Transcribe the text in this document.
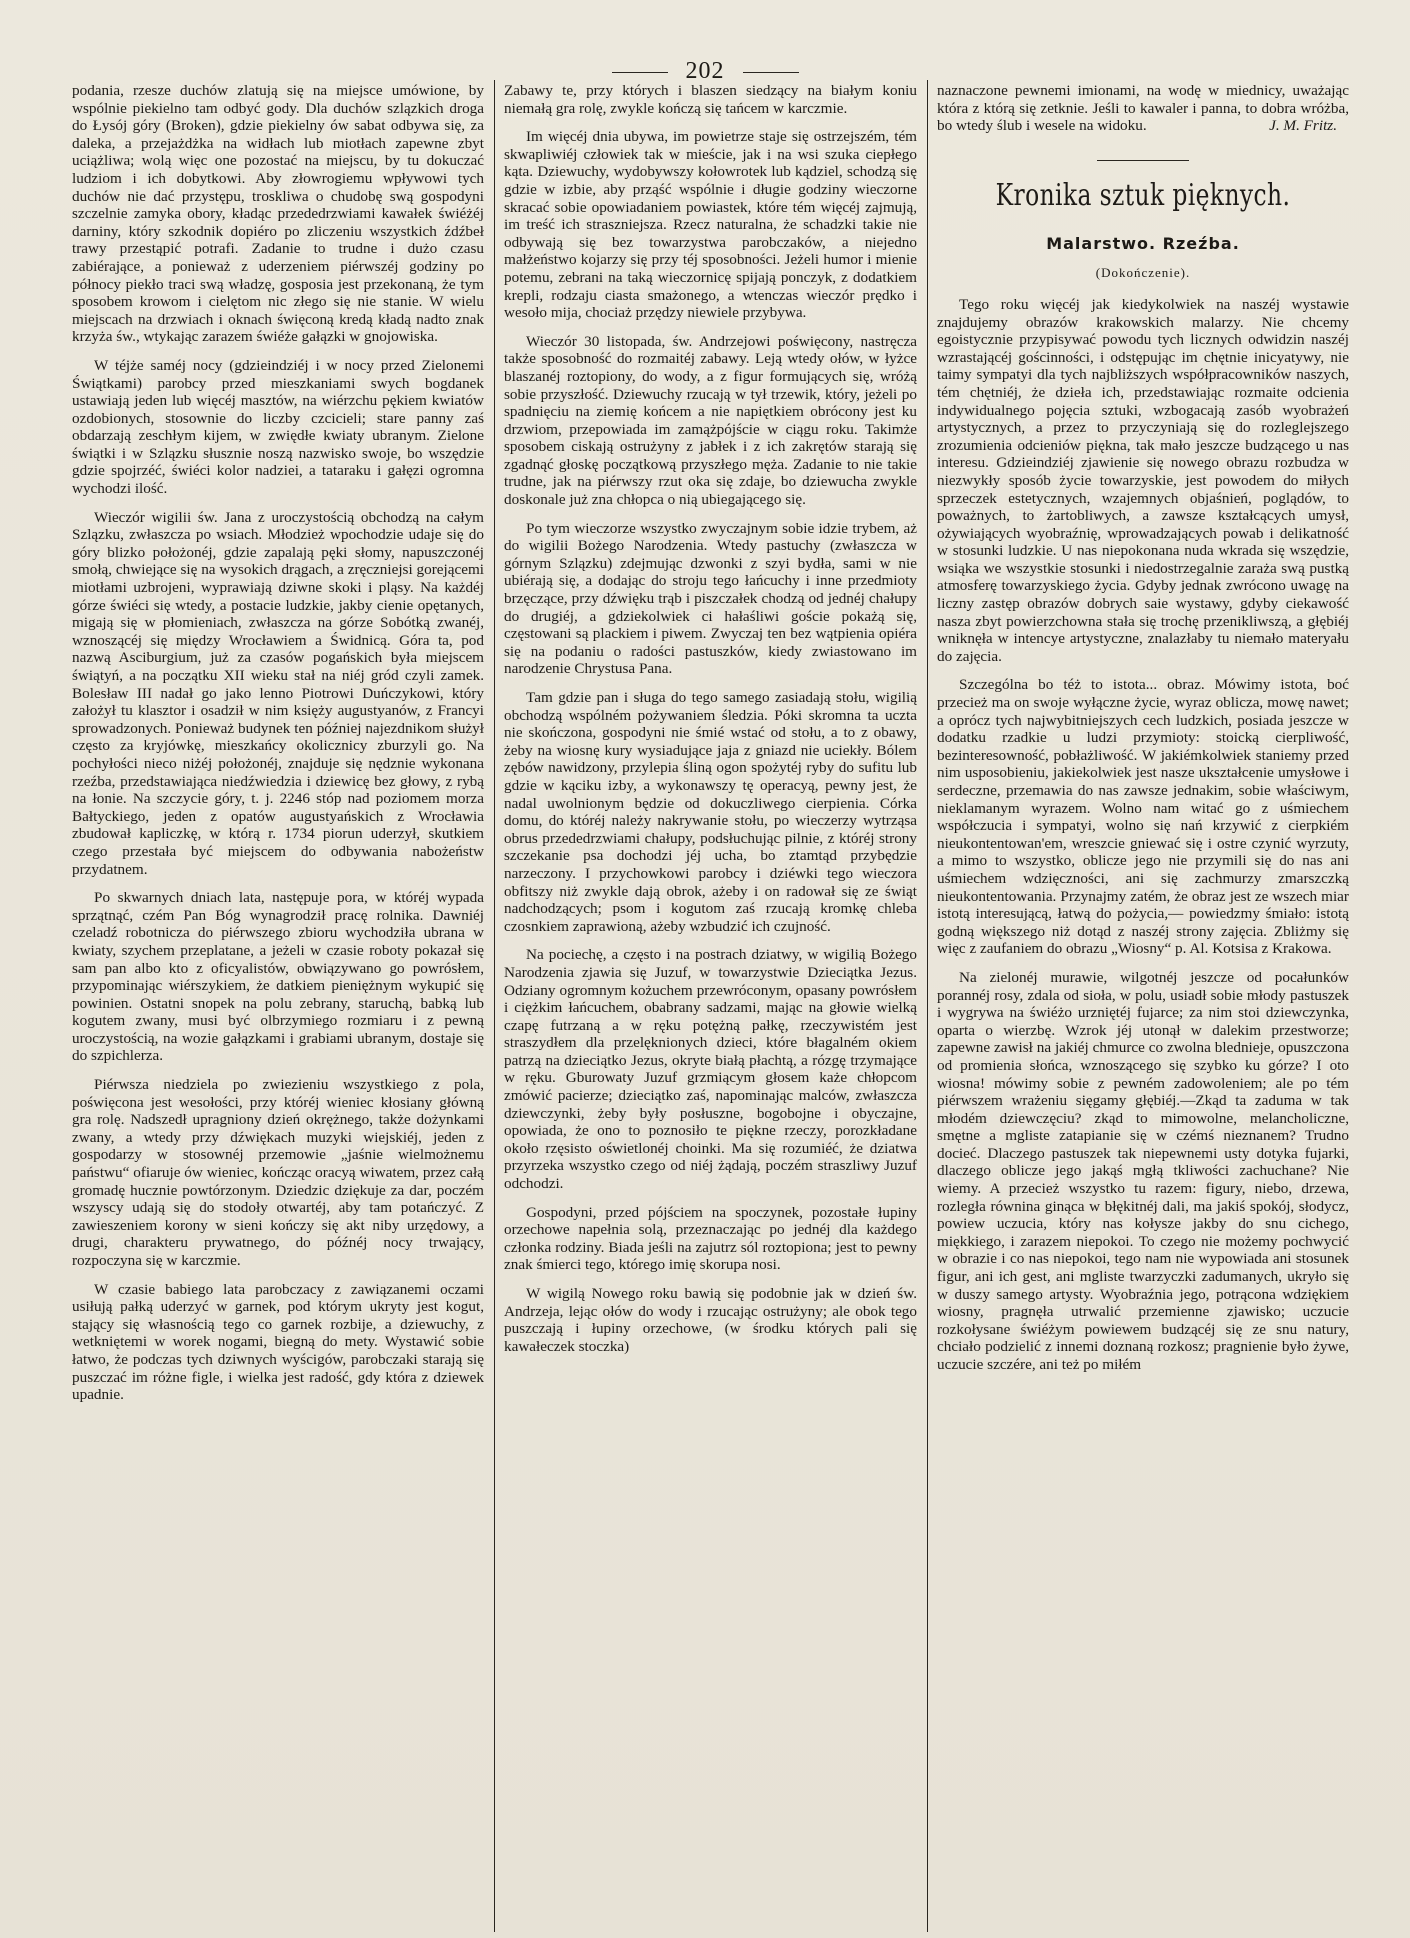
202

podania, rzesze duchów zlatują się na miejsce umówione, by wspólnie piekielno tam odbyć gody. Dla duchów szlązkich droga do Łysój góry (Broken), gdzie piekielny ów sabat odbywa się, za daleka, a przejażdżka na widłach lub miotłach zapewne zbyt uciążliwa; wolą więc one pozostać na miejscu, by tu dokuczać ludziom i ich dobytkowi. Aby złowrogiemu wpływowi tych duchów nie dać przystępu, troskliwa o chudobę swą gospodyni szczelnie zamyka obory, kładąc przededrzwiami kawałek świéżéj darniny, który szkodnik dopiéro po zliczeniu wszystkich źdźbeł trawy przestąpić potrafi. Zadanie to trudne i dużo czasu zabiérające, a ponieważ z uderzeniem piérwszéj godziny po północy piekło traci swą władzę, gosposia jest przekonaną, że tym sposobem krowom i cielętom nic złego się nie stanie. W wielu miejscach na drzwiach i oknach święconą kredą kładą nadto znak krzyża św., wtykając zarazem świéże gałązki w gnojowiska.

W téjże saméj nocy (gdzieindziéj i w nocy przed Zielonemi Świątkami) parobcy przed mieszkaniami swych bogdanek ustawiają jeden lub więcéj masztów, na wiérzchu pękiem kwiatów ozdobionych, stosownie do liczby czcicieli; stare panny zaś obdarzają zeschłym kijem, w zwiędłe kwiaty ubranym. Zielone świątki i w Szlązku słusznie noszą nazwisko swoje, bo wszędzie gdzie spojrzéć, świéci kolor nadziei, a tataraku i gałęzi ogromna wychodzi ilość.

Wieczór wigilii św. Jana z uroczystością obchodzą na całym Szlązku, zwłaszcza po wsiach. Młodzież wpochodzie udaje się do góry blizko położonéj, gdzie zapalają pęki słomy, napuszczonéj smołą, chwiejące się na wysokich drągach, a zręczniejsi gorejącemi miotłami uzbrojeni, wyprawiają dziwne skoki i pląsy. Na każdéj górze świéci się wtedy, a postacie ludzkie, jakby cienie opętanych, migają się w płomieniach, zwłaszcza na górze Sobótką zwanéj, wznoszącéj się między Wrocławiem a Świdnicą. Góra ta, pod nazwą Asciburgium, już za czasów pogańskich była miejscem świątyń, a na początku XII wieku stał na niéj gród czyli zamek. Bolesław III nadał go jako lenno Piotrowi Duńczykowi, który założył tu klasztor i osadził w nim księży augustyanów, z Francyi sprowadzonych. Ponieważ budynek ten później najezdnikom służył często za kryjówkę, mieszkańcy okolicznicy zburzyli go. Na pochyłości nieco niżéj położonéj, znajduje się nędznie wykonana rzeźba, przedstawiająca niedźwiedzia i dziewicę bez głowy, z rybą na łonie. Na szczycie góry, t. j. 2246 stóp nad poziomem morza Bałtyckiego, jeden z opatów augustyańskich z Wrocławia zbudował kapliczkę, w którą r. 1734 piorun uderzył, skutkiem czego przestała być miejscem do odbywania nabożeństw przydatnem.

Po skwarnych dniach lata, następuje pora, w któréj wypada sprzątnąć, czém Pan Bóg wynagrodził pracę rolnika. Dawniéj czeladź robotnicza do piérwszego zbioru wychodziła ubrana w kwiaty, szychem przeplatane, a jeżeli w czasie roboty pokazał się sam pan albo kto z oficyalistów, obwiązywano go powrósłem, przypominając wiérszykiem, że datkiem pieniężnym wykupić się powinien. Ostatni snopek na polu zebrany, staruchą, babką lub kogutem zwany, musi być olbrzymiego rozmiaru i z pewną uroczystością, na wozie gałązkami i grabiami ubranym, dostaje się do szpichlerza.

Piérwsza niedziela po zwiezieniu wszystkiego z pola, poświęcona jest wesołości, przy któréj wieniec kłosiany główną gra rolę. Nadszedł upragniony dzień okrężnego, także dożynkami zwany, a wtedy przy dźwiękach muzyki wiejskiéj, jeden z gospodarzy w stosownéj przemowie „jaśnie wielmożnemu państwu“ ofiaruje ów wieniec, kończąc oracyą wiwatem, przez całą gromadę hucznie powtórzonym. Dziedzic dziękuje za dar, poczém wszyscy udają się do stodoły otwartéj, aby tam potańczyć. Z zawieszeniem korony w sieni kończy się akt niby urzędowy, a drugi, charakteru prywatnego, do późnéj nocy trwający, rozpoczyna się w karczmie.

W czasie babiego lata parobczacy z zawiązanemi oczami usiłują pałką uderzyć w garnek, pod którym ukryty jest kogut, stający się własnością tego co garnek rozbije, a dziewuchy, z wetkniętemi w worek nogami, biegną do mety. Wystawić sobie łatwo, że podczas tych dziwnych wyścigów, parobczaki starają się puszczać im różne figle, i wielka jest radość, gdy która z dziewek upadnie.

Zabawy te, przy których i blaszen siedzący na białym koniu niemałą gra rolę, zwykle kończą się tańcem w karczmie.

Im więcéj dnia ubywa, im powietrze staje się ostrzejszém, tém skwapliwiéj człowiek tak w mieście, jak i na wsi szuka ciepłego kąta. Dziewuchy, wydobywszy kołowrotek lub kądziel, schodzą się gdzie w izbie, aby prząść wspólnie i długie godziny wieczorne skracać sobie opowiadaniem powiastek, które tém więcéj zajmują, im treść ich straszniejsza. Rzecz naturalna, że schadzki takie nie odbywają się bez towarzystwa parobczaków, a niejedno małżeństwo kojarzy się przy téj sposobności. Jeżeli humor i mienie potemu, zebrani na taką wieczornicę spijają ponczyk, z dodatkiem krepli, rodzaju ciasta smażonego, a wtenczas wieczór prędko i wesoło mija, chociaż przędzy niewiele przybywa.

Wieczór 30 listopada, św. Andrzejowi poświęcony, nastręcza także sposobność do rozmaitéj zabawy. Leją wtedy ołów, w łyżce blaszanéj roztopiony, do wody, a z figur formujących się, wróżą sobie przyszłość. Dziewuchy rzucają w tył trzewik, który, jeżeli po spadnięciu na ziemię końcem a nie napiętkiem obrócony jest ku drzwiom, przepowiada im zamążpójście w ciągu roku. Takimże sposobem ciskają ostrużyny z jabłek i z ich zakrętów starają się zgadnąć głoskę początkową przyszłego męża. Zadanie to nie takie trudne, jak na piérwszy rzut oka się zdaje, bo dziewucha zwykle doskonale już zna chłopca o nią ubiegającego się.

Po tym wieczorze wszystko zwyczajnym sobie idzie trybem, aż do wigilii Bożego Narodzenia. Wtedy pastuchy (zwłaszcza w górnym Szlązku) zdejmując dzwonki z szyi bydła, sami w nie ubiérają się, a dodając do stroju tego łańcuchy i inne przedmioty brzęczące, przy dźwięku trąb i piszczałek chodzą od jednéj chałupy do drugiéj, a gdziekolwiek ci hałaśliwi goście pokażą się, częstowani są plackiem i piwem. Zwyczaj ten bez wątpienia opiéra się na podaniu o radości pastuszków, kiedy zwiastowano im narodzenie Chrystusa Pana.

Tam gdzie pan i sługa do tego samego zasiadają stołu, wigilią obchodzą wspólném pożywaniem śledzia. Póki skromna ta uczta nie skończona, gospodyni nie śmié wstać od stołu, a to z obawy, żeby na wiosnę kury wysiadujące jaja z gniazd nie uciekły. Bólem zębów nawidzony, przylepia śliną ogon spożytéj ryby do sufitu lub gdzie w kąciku izby, a wykonawszy tę operacyą, pewny jest, że nadal uwolnionym będzie od dokuczliwego cierpienia. Córka domu, do któréj należy nakrywanie stołu, po wieczerzy wytrząsa obrus przededrzwiami chałupy, podsłuchując pilnie, z któréj strony szczekanie psa dochodzi jéj ucha, bo ztamtąd przybędzie narzeczony. I przychowkowi parobcy i dziéwki tego wieczora obfitszy niż zwykle dają obrok, ażeby i on radował się ze świąt nadchodzących; psom i kogutom zaś rzucają kromkę chleba czosnkiem zaprawioną, ażeby wzbudzić ich czujność.

Na pociechę, a często i na postrach dziatwy, w wigilią Bożego Narodzenia zjawia się Juzuf, w towarzystwie Dzieciątka Jezus. Odziany ogromnym kożuchem przewróconym, opasany powrósłem i ciężkim łańcuchem, obabrany sadzami, mając na głowie wielką czapę futrzaną a w ręku potężną pałkę, rzeczywistém jest straszydłem dla przelęknionych dzieci, które błagalném okiem patrzą na dzieciątko Jezus, okryte białą płachtą, a rózgę trzymające w ręku. Gburowaty Juzuf grzmiącym głosem każe chłopcom zmówić pacierze; dzieciątko zaś, napominając malców, zwłaszcza dziewczynki, żeby były posłuszne, bogobojne i obyczajne, opowiada, że ono to poznosiło te piękne rzeczy, porozkładane około rzęsisto oświetlonéj choinki. Ma się rozumiéć, że dziatwa przyrzeka wszystko czego od niéj żądają, poczém straszliwy Juzuf odchodzi.

Gospodyni, przed pójściem na spoczynek, pozostałe łupiny orzechowe napełnia solą, przeznaczając po jednéj dla każdego członka rodziny. Biada jeśli na zajutrz sól roztopiona; jest to pewny znak śmierci tego, którego imię skorupa nosi.

W wigilą Nowego roku bawią się podobnie jak w dzień św. Andrzeja, lejąc ołów do wody i rzucając ostrużyny; ale obok tego puszczają i łupiny orzechowe, (w środku których pali się kawałeczek stoczka)

naznaczone pewnemi imionami, na wodę w miednicy, uważając która z którą się zetknie. Jeśli to kawaler i panna, to dobra wróżba, bo wtedy ślub i wesele na widoku.	J. M. Fritz.

Kronika sztuk pięknych.
Malarstwo. Rzeźba.
(Dokończenie).

Tego roku więcéj jak kiedykolwiek na naszéj wystawie znajdujemy obrazów krakowskich malarzy. Nie chcemy egoistycznie przypisywać powodu tych licznych odwidzin naszéj wzrastającéj gościnności, i odstępując im chętnie inicyatywy, nie taimy sympatyi dla tych najbliższych współpracowników naszych, tém chętniéj, że dzieła ich, przedstawiając rozmaite odcienia indywidualnego pojęcia sztuki, wzbogacają zasób wyobrażeń artystycznych, a przez to przyczyniają się do rozleglejszego zrozumienia odcieniów piękna, tak mało jeszcze budzącego u nas interesu. Gdzieindziéj zjawienie się nowego obrazu rozbudza w niezwykły sposób życie towarzyskie, jest powodem do miłych sprzeczek estetycznych, wzajemnych objaśnień, poglądów, to poważnych, to żartobliwych, a zawsze kształcących umysł, ożywiających wyobraźnię, wprowadzających powab i delikatność w stosunki ludzkie. U nas niepokonana nuda wkrada się wszędzie, wsiąka we wszystkie stosunki i niedostrzegalnie zaraża swą pustką atmosferę towarzyskiego życia. Gdyby jednak zwrócono uwagę na liczny zastęp obrazów dobrych saie wystawy, gdyby ciekawość nasza zbyt powierzchowna stała się trochę przenikliwszą, a głębiéj wniknęła w intencye artystyczne, znalazłaby tu niemało materyału do zajęcia.

Szczególna bo téż to istota... obraz. Mówimy istota, boć przecież ma on swoje wyłączne życie, wyraz oblicza, mowę nawet; a oprócz tych najwybitniejszych cech ludzkich, posiada jeszcze w dodatku rzadkie u ludzi przymioty: stoicką cierpliwość, bezinteresowność, pobłażliwość. W jakiémkolwiek staniemy przed nim usposobieniu, jakiekolwiek jest nasze ukształcenie umysłowe i serdeczne, przemawia do nas zawsze jednakim, sobie właściwym, nieklamanym wyrazem. Wolno nam witać go z uśmiechem współczucia i sympatyi, wolno się nań krzywić z cierpkiém nieukontentowan'em, wreszcie gniewać się i ostre czynić wyrzuty, a mimo to wszystko, oblicze jego nie przymili się do nas ani uśmiechem wdzięczności, ani się zachmurzy zmarszczką nieukontentowania. Przynajmy zatém, że obraz jest ze wszech miar istotą interesującą, łatwą do pożycia,— powiedzmy śmiało: istotą godną większego niż dotąd z naszéj strony zajęcia. Zbliżmy się więc z zaufaniem do obrazu „Wiosny“ p. Al. Kotsisa z Krakowa.

Na zielonéj murawie, wilgotnéj jeszcze od pocałunków porannéj rosy, zdala od sioła, w polu, usiadł sobie młody pastuszek i wygrywa na świéżo urzniętéj fujarce; za nim stoi dziewczynka, oparta o wierzbę. Wzrok jéj utonął w dalekim przestworze; zapewne zawisł na jakiéj chmurce co zwolna blednieje, opuszczona od promienia słońca, wznoszącego się szybko ku górze? I oto wiosna! mówimy sobie z pewném zadowoleniem; ale po tém piérwszem wrażeniu sięgamy głębiéj.—Zkąd ta zaduma w tak młodém dziewczęciu? zkąd to mimowolne, melancholiczne, smętne a mgliste zatapianie się w czémś nieznanem? Trudno docieć. Dlaczego pastuszek tak niepewnemi usty dotyka fujarki, dlaczego oblicze jego jakąś mgłą tkliwości zachuchane? Nie wiemy. A przecież wszystko tu razem: figury, niebo, drzewa, rozległa równina ginąca w błękitnéj dali, ma jakiś spokój, słodycz, powiew uczucia, który nas kołysze jakby do snu cichego, miękkiego, i zarazem niepokoi. To czego nie możemy pochwycić w obrazie i co nas niepokoi, tego nam nie wypowiada ani stosunek figur, ani ich gest, ani mgliste twarzyczki zadumanych, ukryło się w duszy samego artysty. Wyobraźnia jego, potrącona wdziękiem wiosny, pragnęła utrwalić przemienne zjawisko; uczucie rozkołysane świéżym powiewem budzącéj się ze snu natury, chciało podzielić z innemi doznaną rozkosz; pragnienie było żywe, uczucie szczére, ani też po miłém
